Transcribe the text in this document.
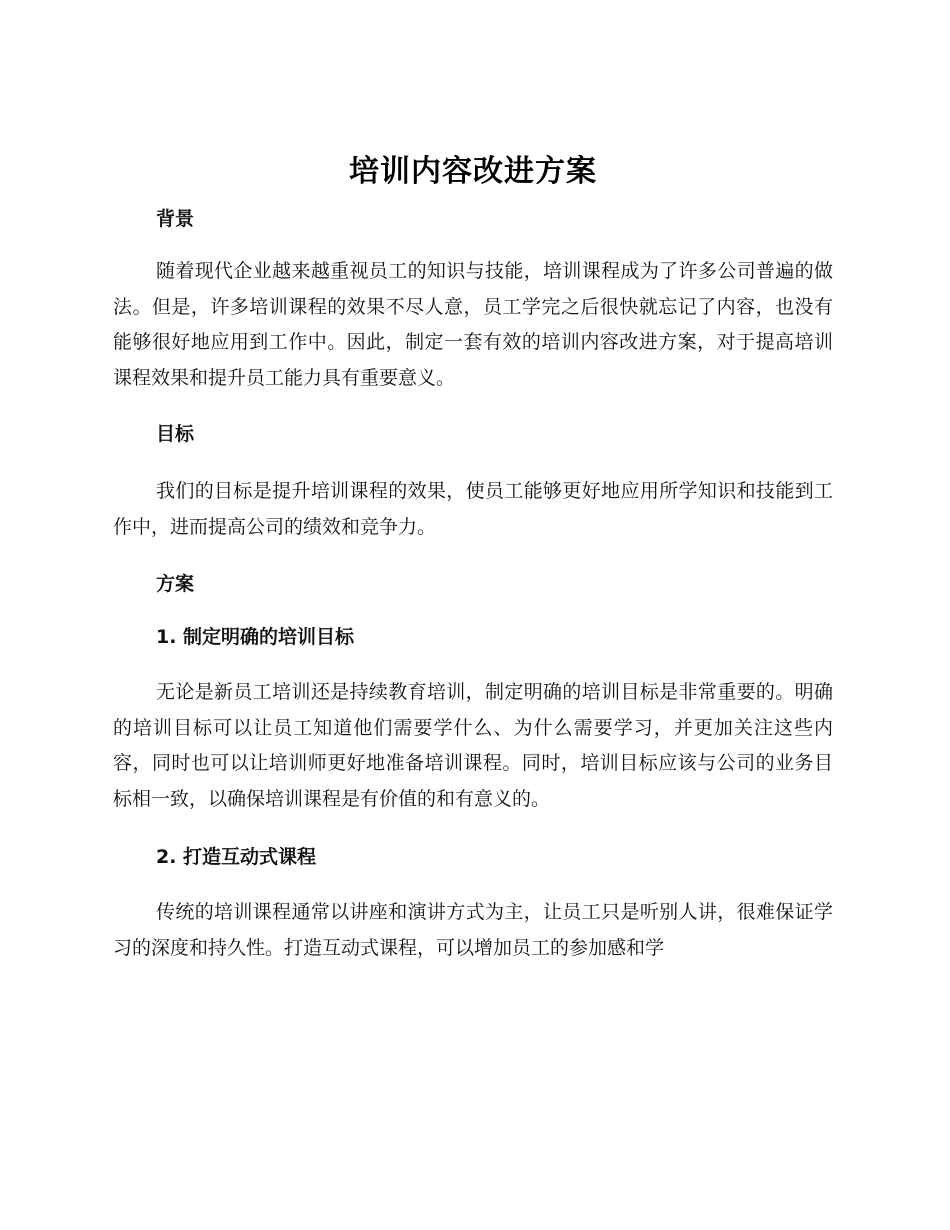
培训内容改进方案
背景

随着现代企业越来越重视员工的知识与技能，培训课程成为了许多公司普遍的做法。但是，许多培训课程的效果不尽人意，员工学完之后很快就忘记了内容，也没有能够很好地应用到工作中。因此，制定一套有效的培训内容改进方案，对于提高培训课程效果和提升员工能力具有重要意义。

目标

我们的目标是提升培训课程的效果，使员工能够更好地应用所学知识和技能到工作中，进而提高公司的绩效和竞争力。

方案
1. 制定明确的培训目标

无论是新员工培训还是持续教育培训，制定明确的培训目标是非常重要的。明确的培训目标可以让员工知道他们需要学什么、为什么需要学习，并更加关注这些内容，同时也可以让培训师更好地准备培训课程。同时，培训目标应该与公司的业务目标相一致，以确保培训课程是有价值的和有意义的。

2. 打造互动式课程

传统的培训课程通常以讲座和演讲方式为主，让员工只是听别人讲，很难保证学习的深度和持久性。打造互动式课程，可以增加员工的参加感和学
